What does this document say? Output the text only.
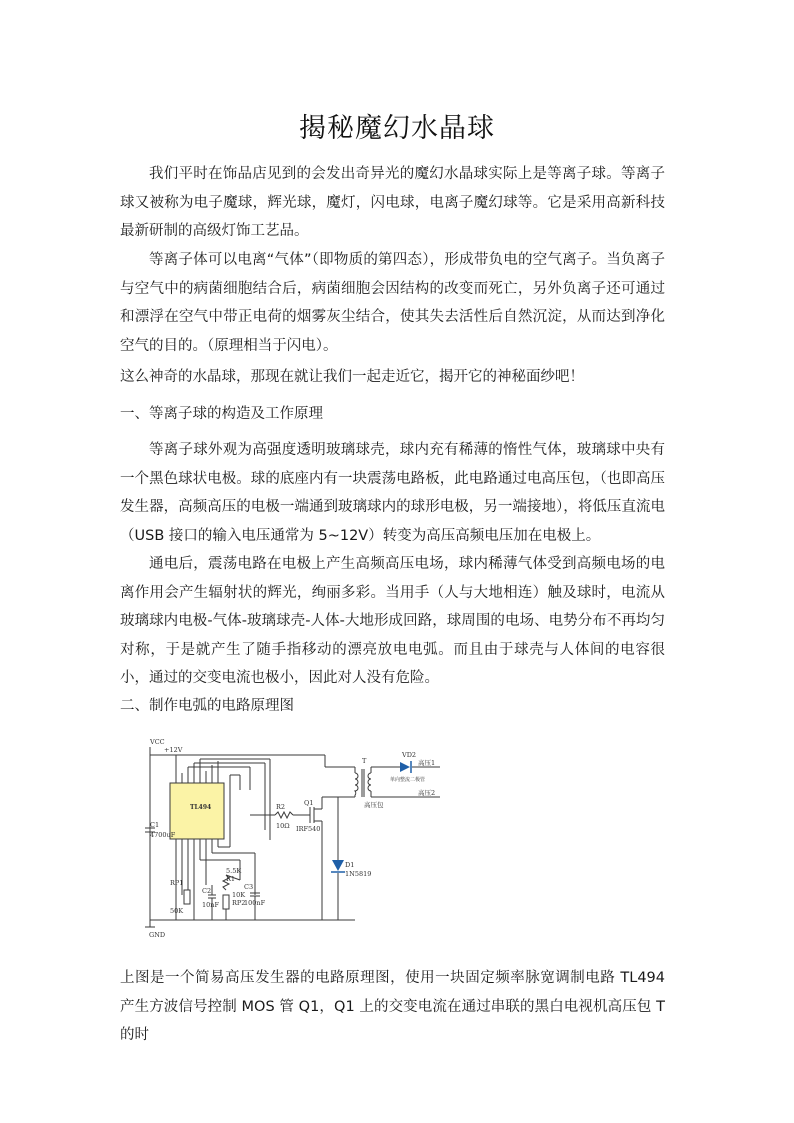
揭秘魔幻水晶球

我们平时在饰品店见到的会发出奇异光的魔幻水晶球实际上是等离子球。等离子球又被称为电子魔球，辉光球，魔灯，闪电球，电离子魔幻球等。它是采用高新科技最新研制的高级灯饰工艺品。

等离子体可以电离“气体”（即物质的第四态），形成带负电的空气离子。当负离子与空气中的病菌细胞结合后，病菌细胞会因结构的改变而死亡，另外负离子还可通过和漂浮在空气中带正电荷的烟雾灰尘结合，使其失去活性后自然沉淀，从而达到净化空气的目的。（原理相当于闪电）。

这么神奇的水晶球，那现在就让我们一起走近它，揭开它的神秘面纱吧！

一、等离子球的构造及工作原理

等离子球外观为高强度透明玻璃球壳，球内充有稀薄的惰性气体，玻璃球中央有一个黑色球状电极。球的底座内有一块震荡电路板，此电路通过电高压包，（也即高压发生器，高频高压的电极一端通到玻璃球内的球形电极，另一端接地），将低压直流电（USB 接口的输入电压通常为 5~12V）转变为高压高频电压加在电极上。

通电后，震荡电路在电极上产生高频高压电场，球内稀薄气体受到高频电场的电离作用会产生辐射状的辉光，绚丽多彩。当用手（人与大地相连）触及球时，电流从玻璃球内电极-气体-玻璃球壳-人体-大地形成回路，球周围的电场、电势分布不再均匀对称，于是就产生了随手指移动的漂亮放电电弧。而且由于球壳与人体间的电容很小，通过的交变电流也极小，因此对人没有危险。

二、制作电弧的电路原理图

VCC
+12V
TL494
C1
4700uF
R2
10Ω
Q1
IRF540
T
高压包
VD2
单向整流二极管
高压1
高压2
D1
1N5819
RP1
50K
C2
10nF
5.5K
R1
10K
RP2
C3
100nF
GND

上图是一个简易高压发生器的电路原理图，使用一块固定频率脉宽调制电路 TL494 产生方波信号控制 MOS 管 Q1，Q1 上的交变电流在通过串联的黑白电视机高压包 T 的时
